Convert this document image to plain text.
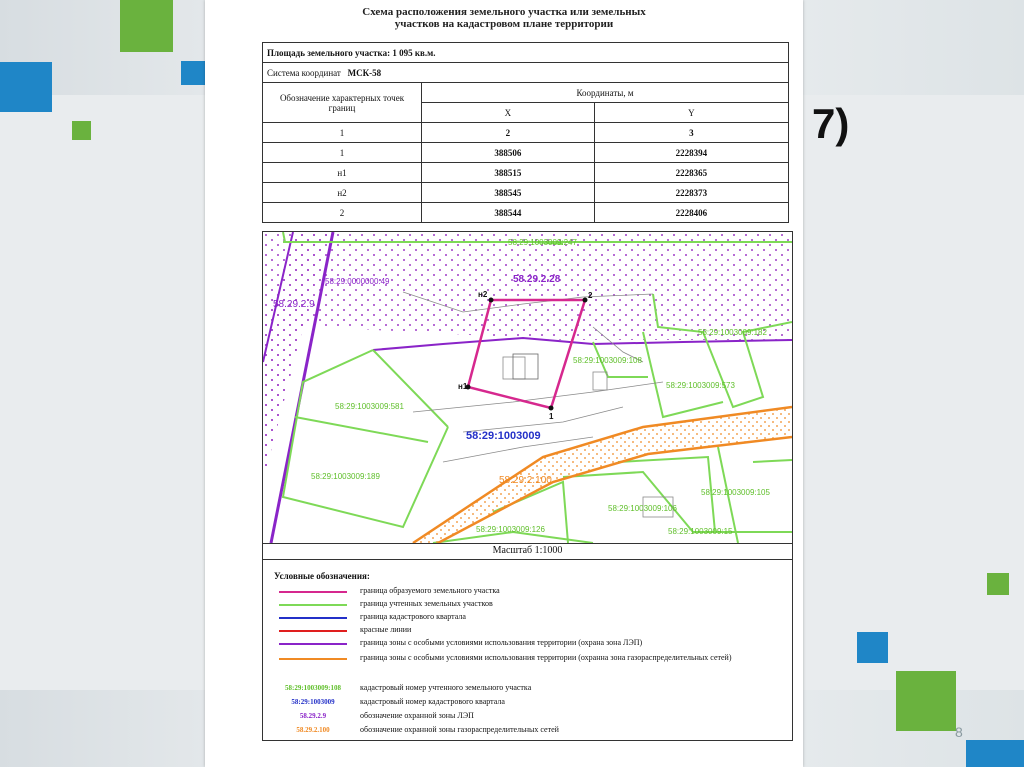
7)
8
Схема расположения земельного участка или земельных
участков на кадастровом плане территории
Площадь земельного участка: 1 095 кв.м.		
Система координат МСК-58		
Обозначение характерных точек границ	Координаты, м	
	X	Y
1	2	3
1	388506	2228394
н1	388515	2228365
н2	388545	2228373
2	388544	2228406
58:29:1003009:247
58:29:0000000:49	58.29.2.28
58.29.2.9
58:29:1003009:182
58:29:1003009:108
58:29:1003009:573
58:29:1003009:581
58:29:1003009
58:29:1003009:189	58.29.2.100
58:29:1003009:105
58:29:1003009:106
58:29:1003009:126	58:29:1003009:15
н2	2
н1
1
Масштаб 1:1000
Условные обозначения:
граница образуемого земельного участка
граница учтенных земельных участков
граница кадастрового квартала
красные линии
граница зоны с особыми условиями использования территории (охрана зона ЛЭП)
граница зоны с особыми условиями использования территории (охранна зона газораспределительных сетей)
58:29:1003009:108	кадастровый номер учтенного земельного участка
58:29:1003009	кадастровый номер кадастрового квартала
58.29.2.9	обозначение охранной зоны ЛЭП
58.29.2.100	обозначение охранной зоны газораспределительных сетей
